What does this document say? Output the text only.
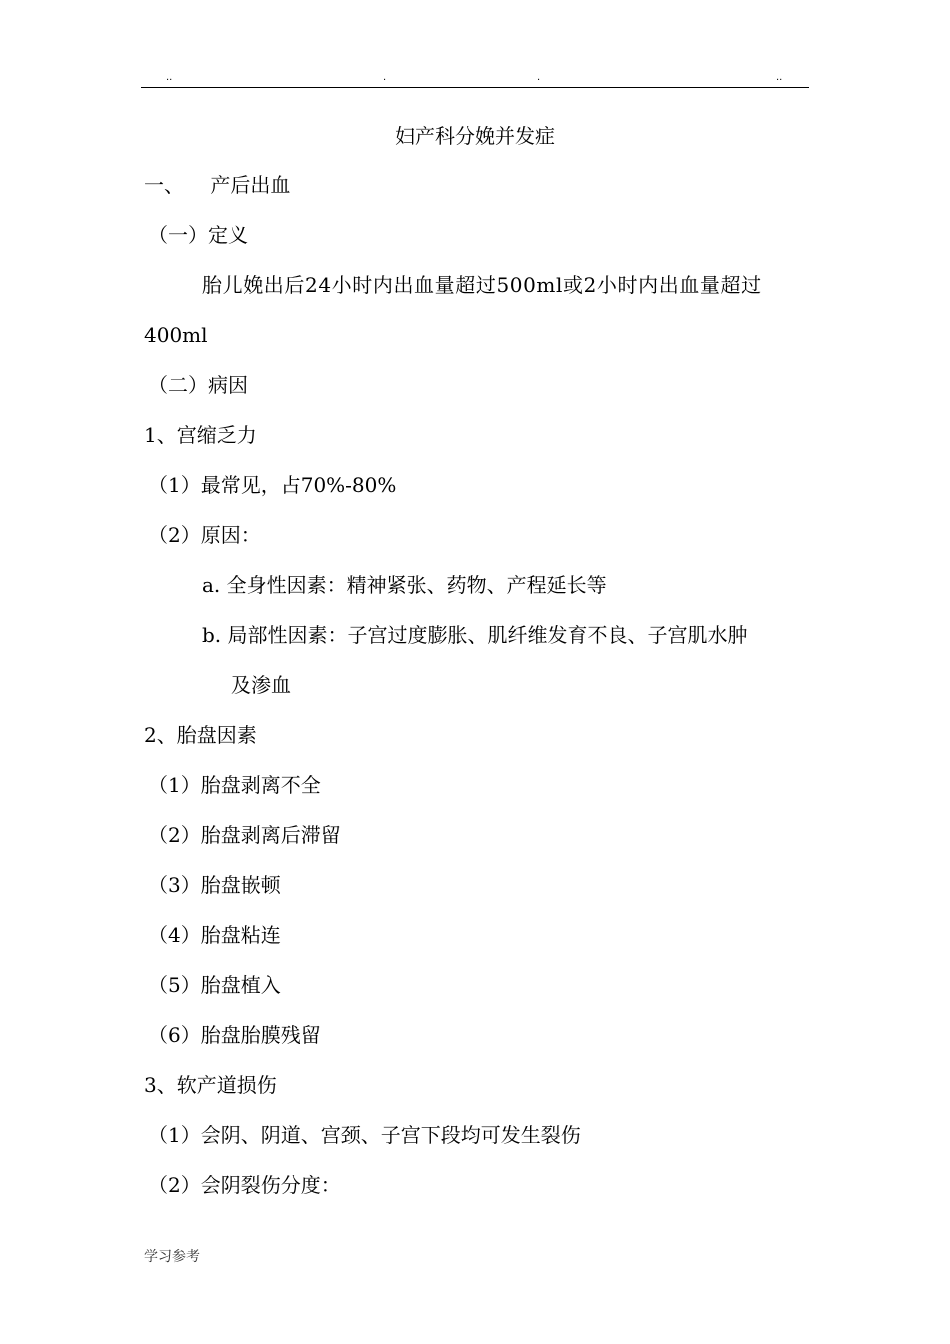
..	.	.	..
妇产科分娩并发症
一、 产后出血
（一）定义
胎儿娩出后24小时内出血量超过500ml或2小时内出血量超过
400ml
（二）病因
1、宫缩乏力
（1）最常见，占70%-80%
（2）原因：
a. 全身性因素：精神紧张、药物、产程延长等
b. 局部性因素：子宫过度膨胀、肌纤维发育不良、子宫肌水肿
及渗血
2、胎盘因素
（1）胎盘剥离不全
（2）胎盘剥离后滞留
（3）胎盘嵌顿
（4）胎盘粘连
（5）胎盘植入
（6）胎盘胎膜残留
3、软产道损伤
（1）会阴、阴道、宫颈、子宫下段均可发生裂伤
（2）会阴裂伤分度：
学习参考
